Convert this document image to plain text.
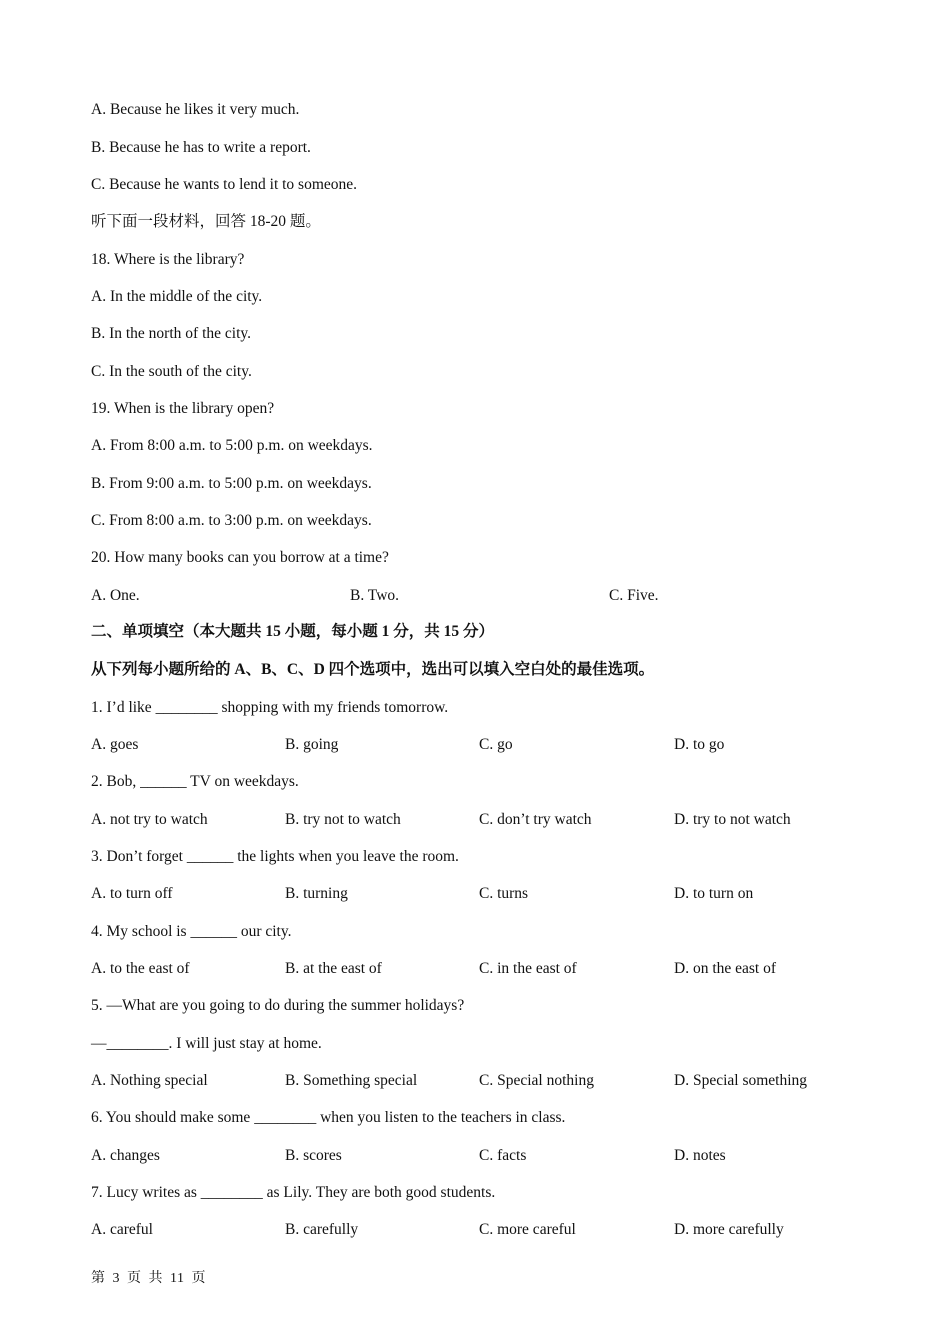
A. Because he likes it very much.
B. Because he has to write a report.
C. Because he wants to lend it to someone.
听下面一段材料，回答 18-20 题。
18. Where is the library?
A. In the middle of the city.
B. In the north of the city.
C. In the south of the city.
19. When is the library open?
A. From 8:00 a.m. to 5:00 p.m. on weekdays.
B. From 9:00 a.m. to 5:00 p.m. on weekdays.
C. From 8:00 a.m. to 3:00 p.m. on weekdays.
20. How many books can you borrow at a time?
A. One.	B. Two.	C. Five.
二、单项填空（本大题共 15 小题，每小题 1 分，共 15 分）
从下列每小题所给的 A、B、C、D 四个选项中，选出可以填入空白处的最佳选项。
1. I’d like ________ shopping with my friends tomorrow.
A. goes	B. going	C. go	D. to go
2. Bob, ______ TV on weekdays.
A. not try to watch	B. try not to watch	C. don’t try watch	D. try to not watch
3. Don’t forget ______ the lights when you leave the room.
A. to turn off	B. turning	C. turns	D. to turn on
4. My school is ______ our city.
A. to the east of	B. at the east of	C. in the east of	D. on the east of
5. —What are you going to do during the summer holidays?
—________. I will just stay at home.
A. Nothing special	B. Something special	C. Special nothing	D. Special something
6. You should make some ________ when you listen to the teachers in class.
A. changes	B. scores	C. facts	D. notes
7. Lucy writes as ________ as Lily. They are both good students.
A. careful	B. carefully	C. more careful	D. more carefully
第 3 页 共 11 页
